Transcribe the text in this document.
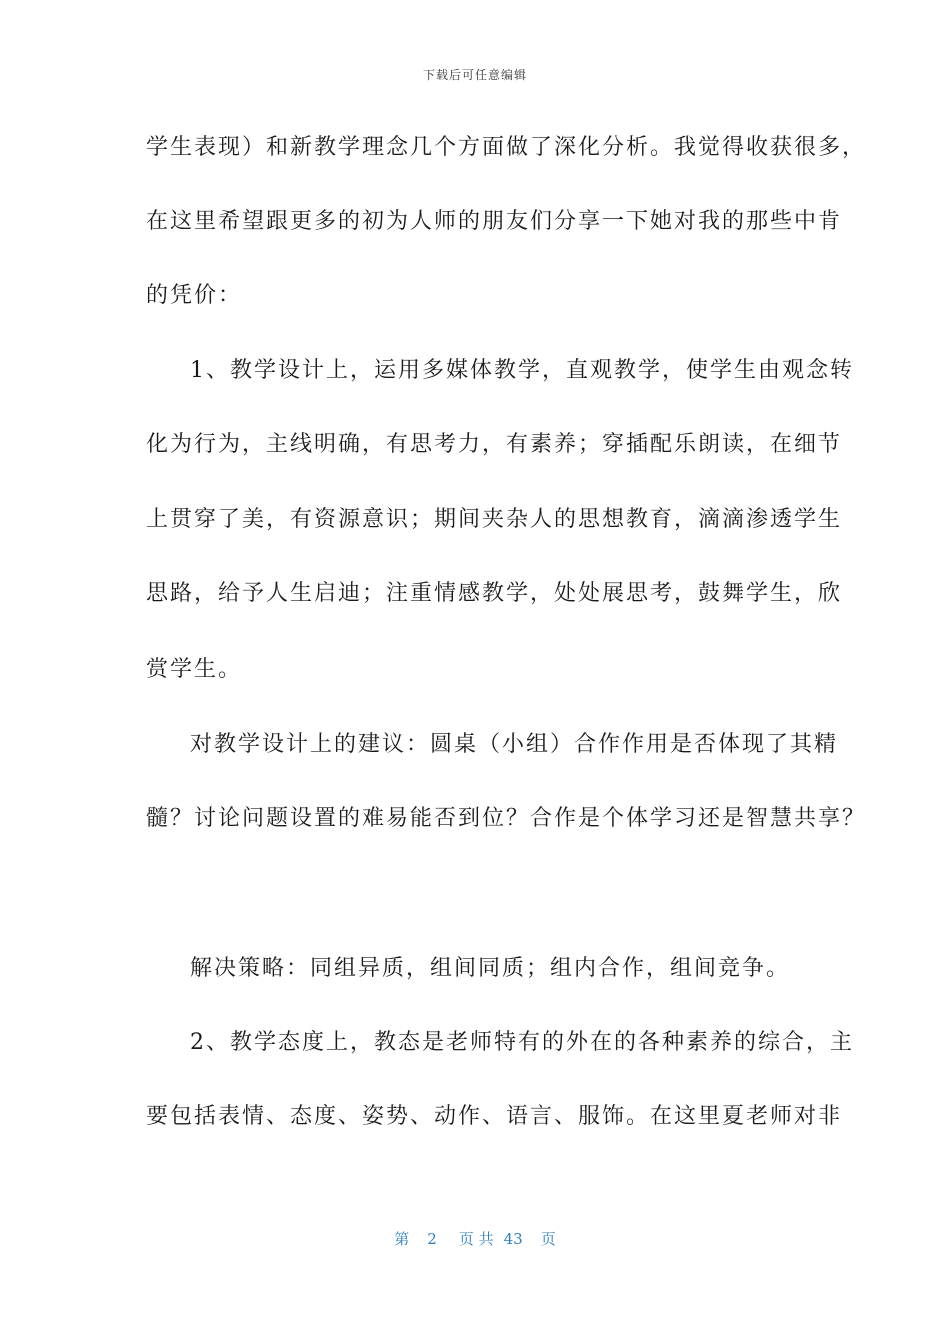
下载后可任意编辑
学生表现）和新教学理念几个方面做了深化分析。我觉得收获很多，
在这里希望跟更多的初为人师的朋友们分享一下她对我的那些中肯
的凭价：
1、教学设计上，运用多媒体教学，直观教学，使学生由观念转
化为行为，主线明确，有思考力，有素养；穿插配乐朗读，在细节
上贯穿了美，有资源意识；期间夹杂人的思想教育，滴滴渗透学生
思路，给予人生启迪；注重情感教学，处处展思考，鼓舞学生，欣
赏学生。
对教学设计上的建议：圆桌（小组）合作作用是否体现了其精
髓？讨论问题设置的难易能否到位？合作是个体学习还是智慧共享？
解决策略：同组异质，组间同质；组内合作，组间竞争。
2、教学态度上，教态是老师特有的外在的各种素养的综合，主
要包括表情、态度、姿势、动作、语言、服饰。在这里夏老师对非
第 2 页 共 43 页
